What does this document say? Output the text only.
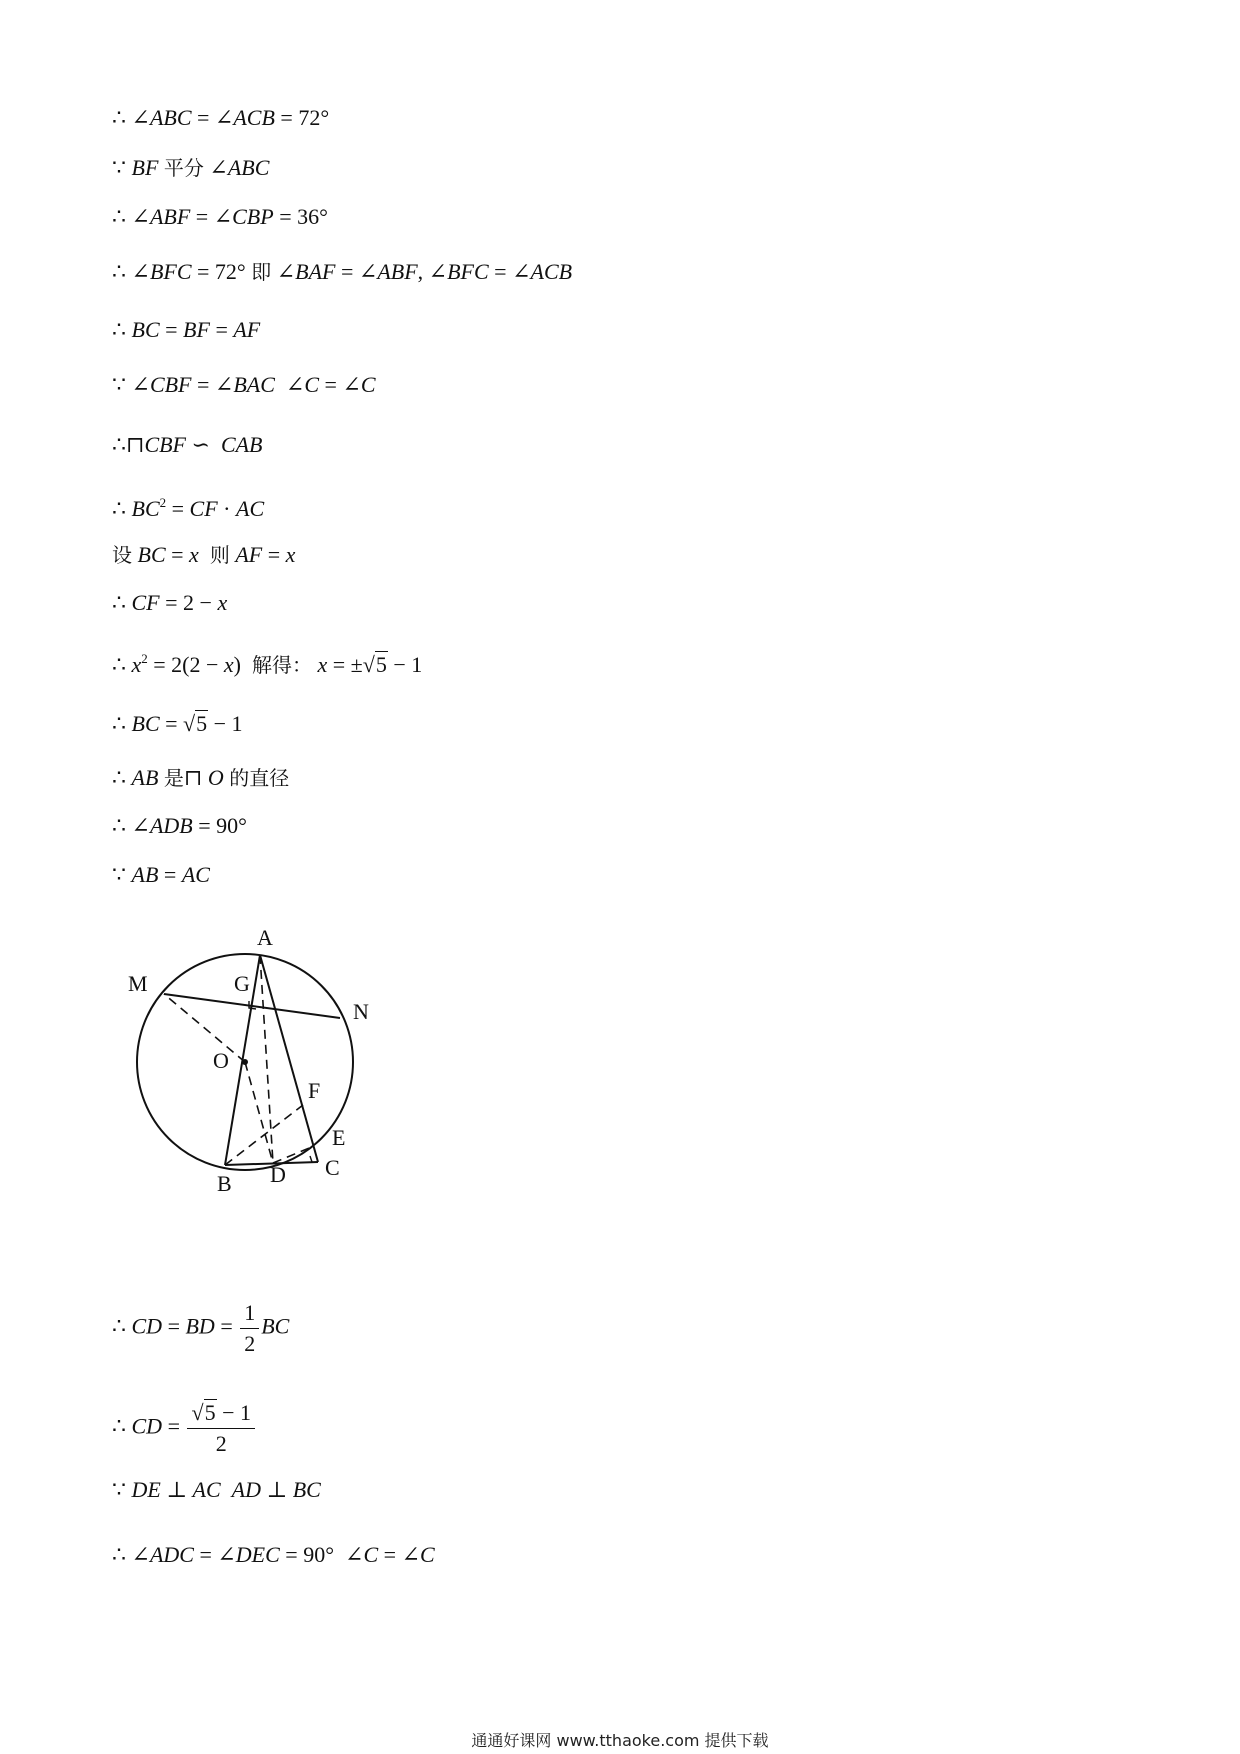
∴ ∠ABC = ∠ACB = 72°
∵ BF 平分 ∠ABC
∴ ∠ABF = ∠CBP = 36°
∴ ∠BFC = 72° 即 ∠BAF = ∠ABF, ∠BFC = ∠ACB
∴ BC = BF = AF
∵ ∠CBF = ∠BAC ∠C = ∠C
∴⊓CBF ∽  CAB
∴ $BC^2$ = CF · AC
设 BC = x 则 AF = x
∴ CF = 2 − x
∴ $x^2 = 2(2 - x)$  解得： x = ±√5 − 1
∴ BC = √5 − 1
∴ AB 是⊓ O 的直径
∴ ∠ADB = 90°
∵ AB = AC
A
M	G
N
O
F
E
B D C
∴ CD = BD = $\frac{1}{2}$ BC
∴ CD = $\frac{√5 - 1}{2}$
∵ DE ⊥ AC AD ⊥ BC
∴ ∠ADC = ∠DEC = 90°  ∠C = ∠C
通通好课网 www.tthaoke.com 提供下载
